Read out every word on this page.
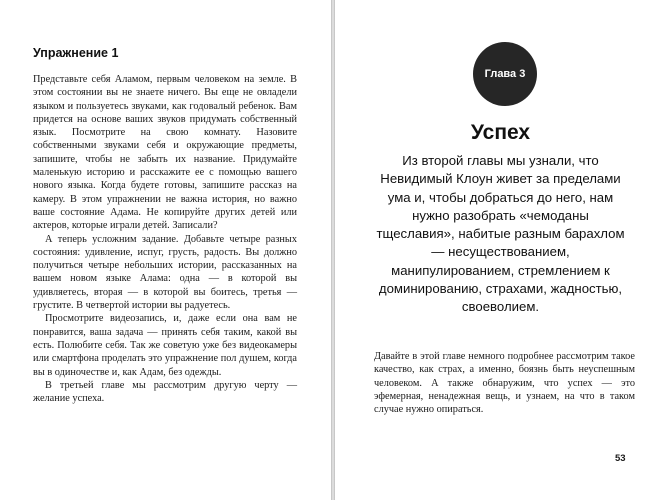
Упражнение 1

Представьте себя Аламом, первым человеком на земле. В этом состоянии вы не знаете ничего. Вы еще не овладели языком и пользуетесь звуками, как годовалый ребенок. Вам придется на основе ваших звуков придумать собственный язык. Посмотрите на свою комнату. Назовите собственными звуками себя и окружающие предметы, запишите, чтобы не забыть их название. Придумайте маленькую историю и расскажите ее с помощью вашего нового языка. Когда будете готовы, запишите рассказ на камеру. В этом упражнении не важна история, но важно ваше состояние Адама. Не копируйте других детей или актеров, которые играли детей. Записали?

А теперь усложним задание. Добавьте четыре разных состояния: удивление, испуг, грусть, радость. Вы должно получиться четыре небольших истории, рассказанных на вашем новом языке Алама: одна — в которой вы удивляетесь, вторая — в которой вы боитесь, третья — грустите. В четвертой истории вы радуетесь.

Просмотрите видеозапись, и, даже если она вам не понравится, ваша задача — принять себя таким, какой вы есть. Полюбите себя. Так же советую уже без видеокамеры или смартфона проделать это упражнение пол душем, когда вы в одиночестве и, как Адам, без одежды.

В третьей главе мы рассмотрим другую черту — желание успеха.

Глава 3
Успех
Из второй главы мы узнали, что Невидимый Клоун живет за пределами ума и, чтобы добраться до него, нам нужно разобрать «чемоданы тщеславия», набитые разным барахлом — несуществованием, манипулированием, стремлением к доминированию, страхами, жадностью, своеволием.
Давайте в этой главе немного подробнее рассмотрим такое качество, как страх, а именно, боязнь быть неуспешным человеком. А также обнаружим, что успех — это эфемерная, ненадежная вещь, и узнаем, на что в таком случае нужно опираться.
53
